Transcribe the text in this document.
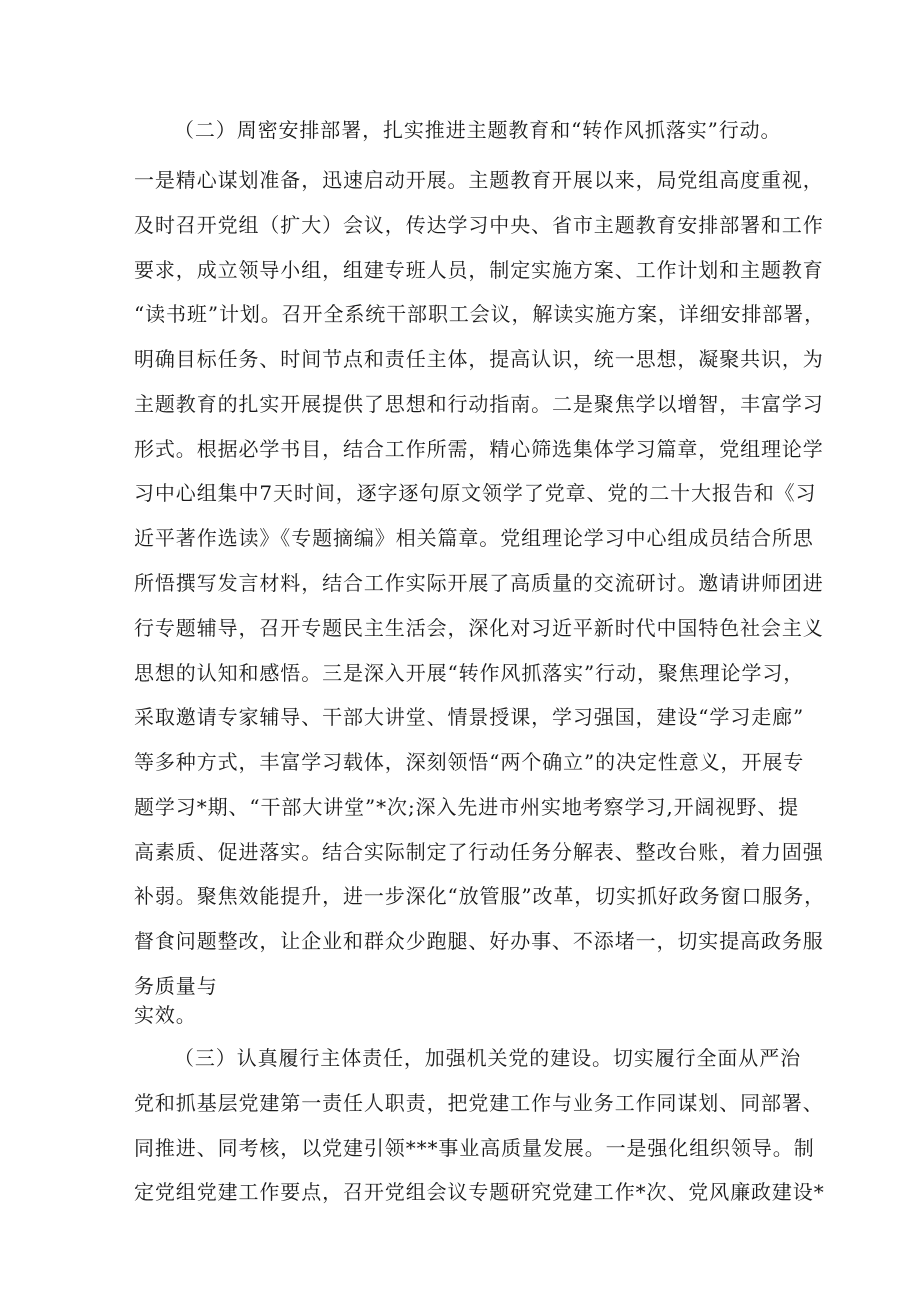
（二）周密安排部署，扎实推进主题教育和“转作风抓落实”行动。
一是精心谋划准备，迅速启动开展。主题教育开展以来，局党组高度重视，
及时召开党组（扩大）会议，传达学习中央、省市主题教育安排部署和工作
要求，成立领导小组，组建专班人员，制定实施方案、工作计划和主题教育
“读书班”计划。召开全系统干部职工会议，解读实施方案，详细安排部署，
明确目标任务、时间节点和责任主体，提高认识，统一思想，凝聚共识，为
主题教育的扎实开展提供了思想和行动指南。二是聚焦学以增智，丰富学习
形式。根据必学书目，结合工作所需，精心筛选集体学习篇章，党组理论学
习中心组集中7天时间，逐字逐句原文领学了党章、党的二十大报告和《习
近平著作选读》《专题摘编》相关篇章。党组理论学习中心组成员结合所思
所悟撰写发言材料，结合工作实际开展了高质量的交流研讨。邀请讲师团进
行专题辅导，召开专题民主生活会，深化对习近平新时代中国特色社会主义
思想的认知和感悟。三是深入开展“转作风抓落实”行动，聚焦理论学习，
采取邀请专家辅导、干部大讲堂、情景授课，学习强国，建设“学习走廊”
等多种方式，丰富学习载体，深刻领悟“两个确立”的决定性意义，开展专
题学习*期、“干部大讲堂”*次;深入先进市州实地考察学习,开阔视野、提
高素质、促进落实。结合实际制定了行动任务分解表、整改台账，着力固强
补弱。聚焦效能提升，进一步深化“放管服”改革，切实抓好政务窗口服务，
督食问题整改，让企业和群众少跑腿、好办事、不添堵一，切实提高政务服
务质量与
实效。
（三）认真履行主体责任，加强机关党的建设。切实履行全面从严治
党和抓基层党建第一责任人职责，把党建工作与业务工作同谋划、同部署、
同推进、同考核，以党建引领***事业高质量发展。一是强化组织领导。制
定党组党建工作要点，召开党组会议专题研究党建工作*次、党风廉政建设*
